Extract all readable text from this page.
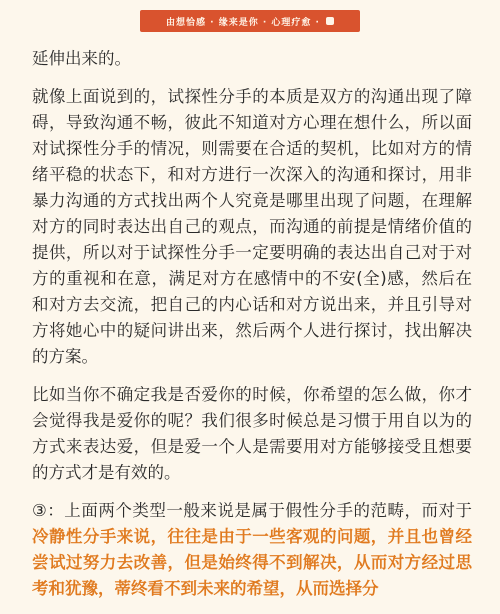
由想恰感 · 缘来是你 · 心理疗愈 ·

延伸出来的。

就像上面说到的，试探性分手的本质是双方的沟通出现了障碍，导致沟通不畅，彼此不知道对方心理在想什么，所以面对试探性分手的情况，则需要在合适的契机，比如对方的情绪平稳的状态下，和对方进行一次深入的沟通和探讨，用非暴力沟通的方式找出两个人究竟是哪里出现了问题，在理解对方的同时表达出自己的观点，而沟通的前提是情绪价值的提供，所以对于试探性分手一定要明确的表达出自己对于对方的重视和在意，满足对方在感情中的不安(全)感，然后在和对方去交流，把自己的内心话和对方说出来，并且引导对方将她心中的疑问讲出来，然后两个人进行探讨，找出解决的方案。

比如当你不确定我是否爱你的时候，你希望的怎么做，你才会觉得我是爱你的呢？我们很多时候总是习惯于用自以为的方式来表达爱，但是爱一个人是需要用对方能够接受且想要的方式才是有效的。

③：上面两个类型一般来说是属于假性分手的范畴，而对于冷静性分手来说，往往是由于一些客观的问题，并且也曾经尝试过努力去改善，但是始终得不到解决，从而对方经过思考和犹豫，蒂终看不到未来的希望，从而选择分
